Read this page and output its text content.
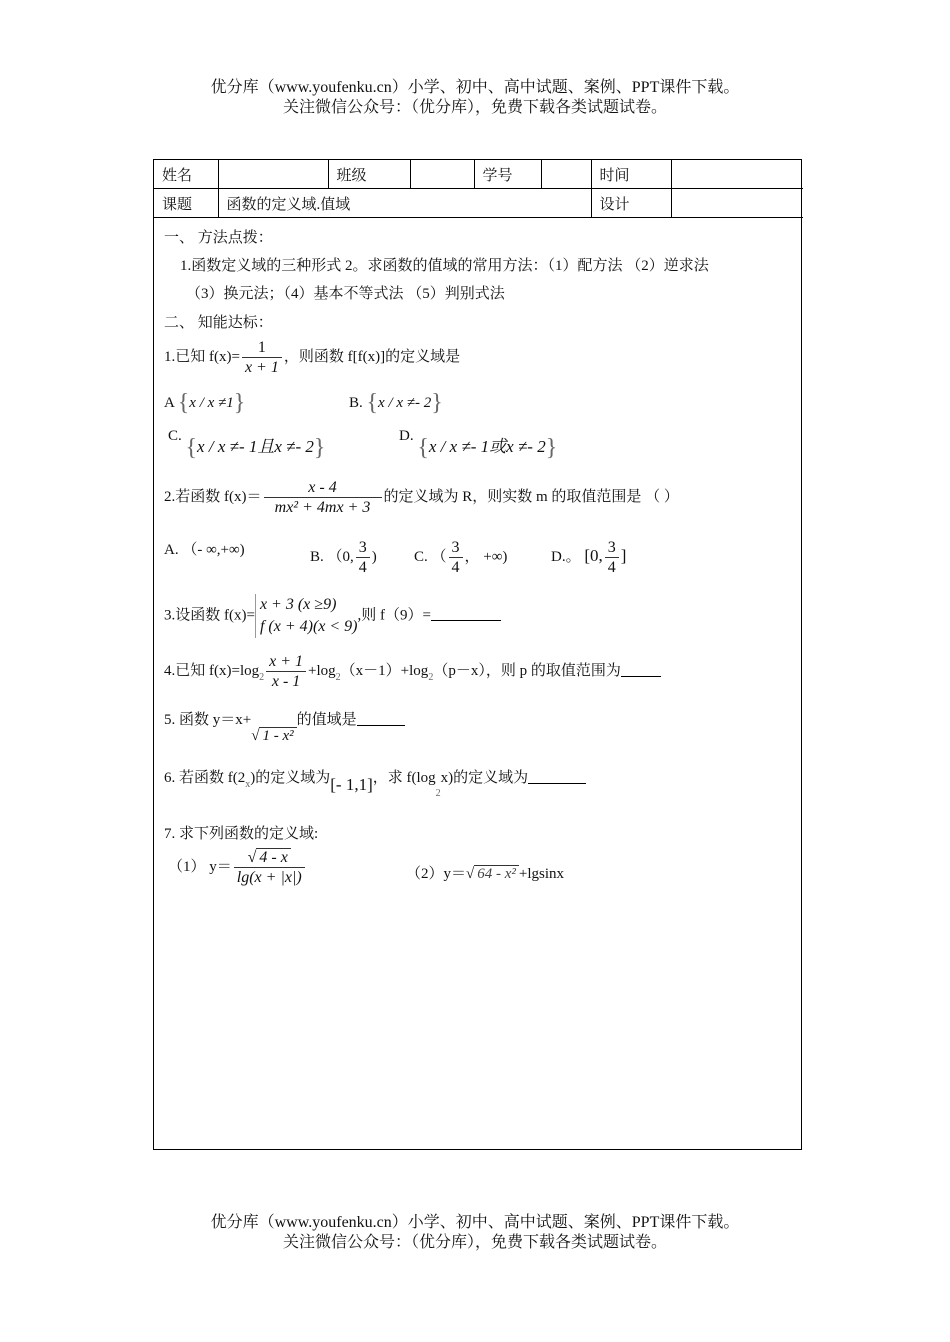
优分库（www.youfenku.cn）小学、初中、高中试题、案例、PPT课件下载。
关注微信公众号：（优分库），免费下载各类试题试卷。
姓名		班级		学号		时间	
课题	函数的定义域.值域					设计	
一、 方法点拨：
1.函数定义域的三种形式 2。求函数的值域的常用方法：（1）配方法 （2）逆求法
（3）换元法；（4）基本不等式法 （5）判别式法
二、 知能达标：
1.已知 $f(x)= \frac{1}{x + 1}$ ，则函数 f[f(x)]的定义域是
A {x / x ≠1}	B. {x / x ≠- 2}
C. {x / x ≠- 1且x ≠- 2}	D. {x / x ≠- 1或x ≠- 2}
2.若函数 $f(x)= \frac{x - 4}{\text{mx² + 4mx + 3}}$ 的定义域为 R，则实数 m 的取值范围是 （ ）
A. （- ∞,+∞)	B. （0, $\frac{3}{4}$ ) C. （ $\frac{3}{4}$ ， +∞)	D.。 [0, $\frac{3}{4}$ ]
3.设函数 f(x)=
x + 3 (x ≥9)
f (x + 4)(x < 9)
,则 f（9）=
4.已知 $f(x)=\log_2 \frac{x + 1}{x - 1} +\log_2(x-1)+\log_2(p-x)$，则 p 的取值范围为
5. 函数 y＝x+√ 1 - x²的值域是
6. 若函数 $f(2_x)$的定义域为[- 1,1]，求 $f(\log_2x)$的定义域为
7. 求下列函数的定义域:
（1） $y= \frac{√ 4 - x}{\lg(x + |x|)}$	（2）y＝√ 64 - x² +lgsinx
优分库（www.youfenku.cn）小学、初中、高中试题、案例、PPT课件下载。
关注微信公众号：（优分库），免费下载各类试题试卷。
